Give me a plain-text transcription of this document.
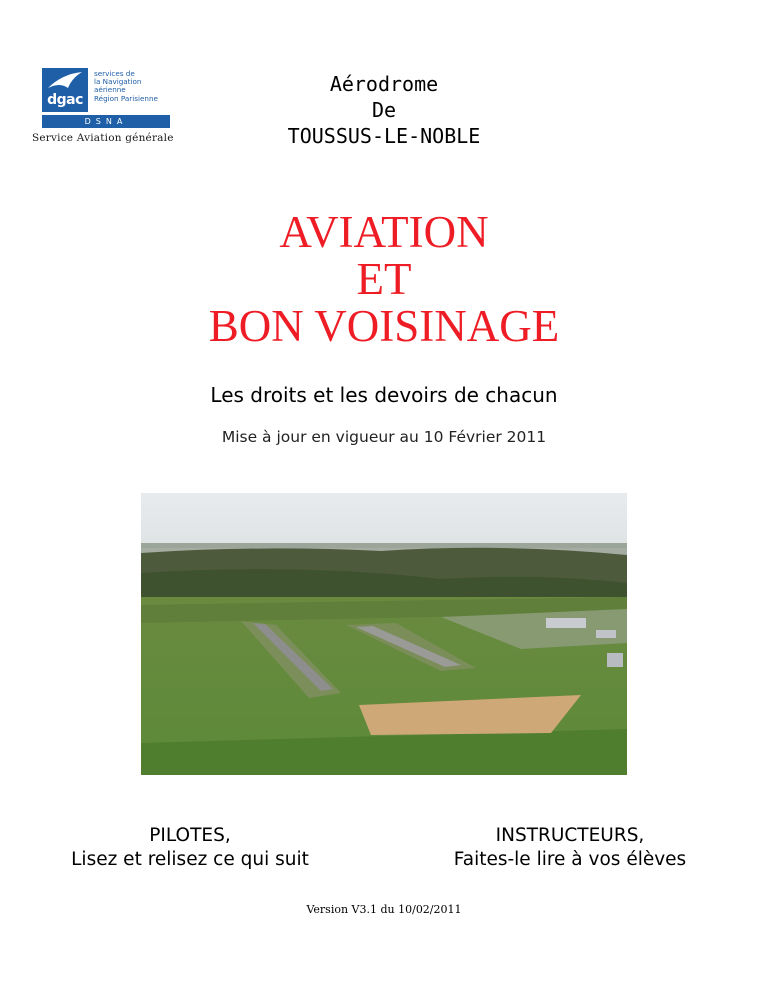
dgac
services de
la Navigation
aérienne
Région Parisienne
DSNA
Service Aviation générale
Aérodrome
De
TOUSSUS-LE-NOBLE
AVIATION
ET
BON VOISINAGE
Les droits et les devoirs de chacun
Mise à jour en vigueur au 10 Février 2011
PILOTES,
Lisez et relisez ce qui suit
INSTRUCTEURS,
Faites-le lire à vos élèves
Version V3.1 du 10/02/2011
